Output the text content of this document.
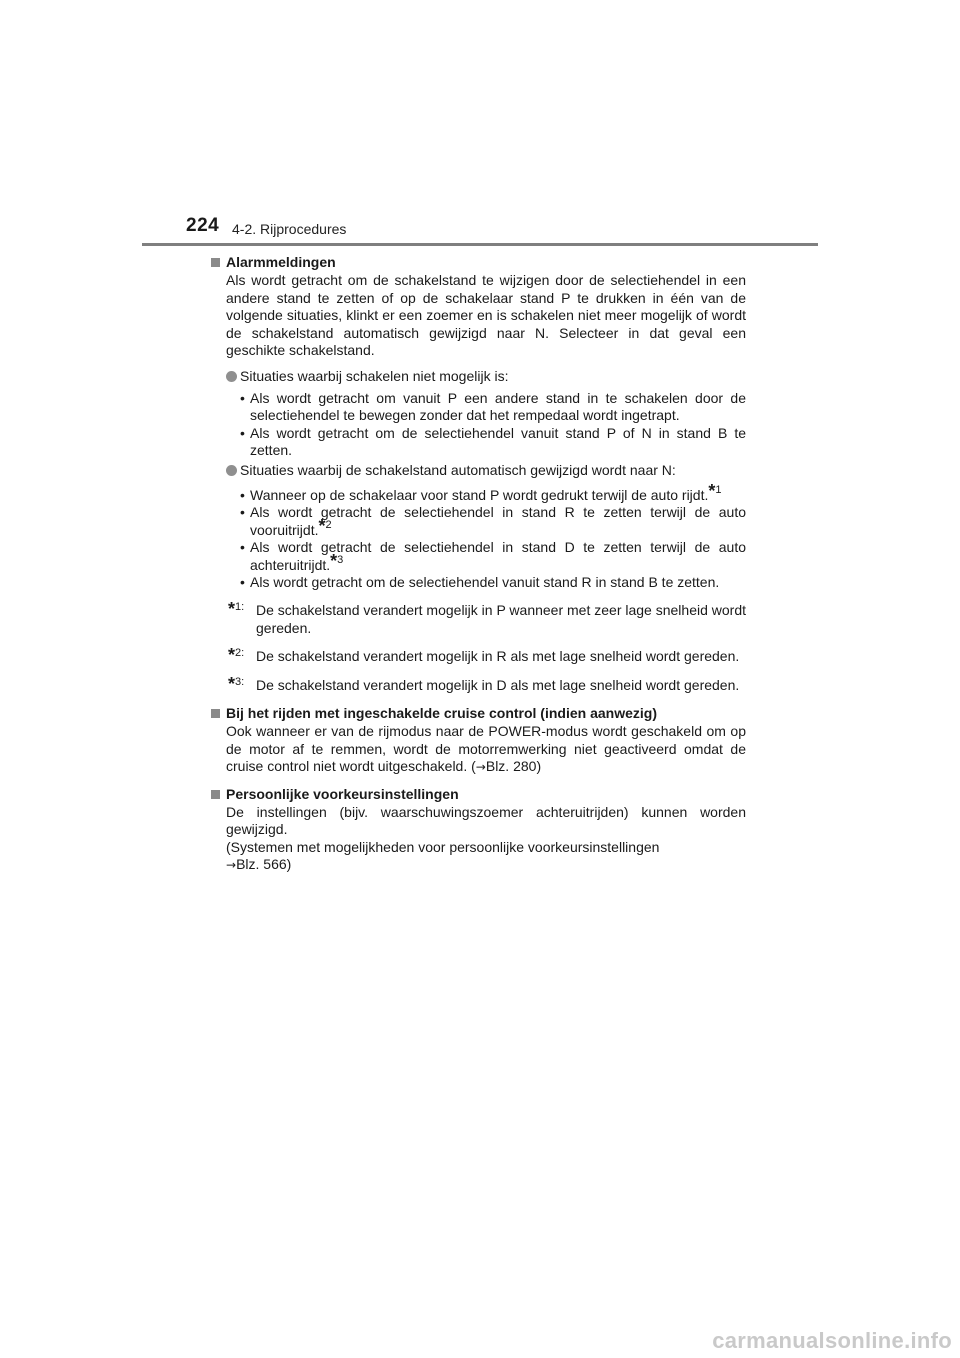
224 4-2. Rijprocedures
Alarmmeldingen

Als wordt getracht om de schakelstand te wijzigen door de selectiehendel in een andere stand te zetten of op de schakelaar stand P te drukken in één van de volgende situaties, klinkt er een zoemer en is schakelen niet meer mogelijk of wordt de schakelstand automatisch gewijzigd naar N. Selecteer in dat geval een geschikte schakelstand.

Situaties waarbij schakelen niet mogelijk is:

• Als wordt getracht om vanuit P een andere stand in te schakelen door de selectiehendel te bewegen zonder dat het rempedaal wordt ingetrapt.
• Als wordt getracht om de selectiehendel vanuit stand P of N in stand B te zetten.

Situaties waarbij de schakelstand automatisch gewijzigd wordt naar N:

• Wanneer op de schakelaar voor stand P wordt gedrukt terwijl de auto rijdt.$^{*1}$
• Als wordt getracht de selectiehendel in stand R te zetten terwijl de auto vooruitrijdt.$^{*2}$
• Als wordt getracht de selectiehendel in stand D te zetten terwijl de auto achteruitrijdt.$^{*3}$
• Als wordt getracht om de selectiehendel vanuit stand R in stand B te zetten.

*1: De schakelstand verandert mogelijk in P wanneer met zeer lage snelheid wordt gereden.

*2: De schakelstand verandert mogelijk in R als met lage snelheid wordt gereden.

*3: De schakelstand verandert mogelijk in D als met lage snelheid wordt gereden.

Bij het rijden met ingeschakelde cruise control (indien aanwezig)

Ook wanneer er van de rijmodus naar de POWER-modus wordt geschakeld om op de motor af te remmen, wordt de motorremwerking niet geactiveerd omdat de cruise control niet wordt uitgeschakeld. (→Blz. 280)

Persoonlijke voorkeursinstellingen

De instellingen (bijv. waarschuwingszoemer achteruitrijden) kunnen worden gewijzigd.

(Systemen met mogelijkheden voor persoonlijke voorkeursinstellingen
→Blz. 566)

carmanualsonline.info
